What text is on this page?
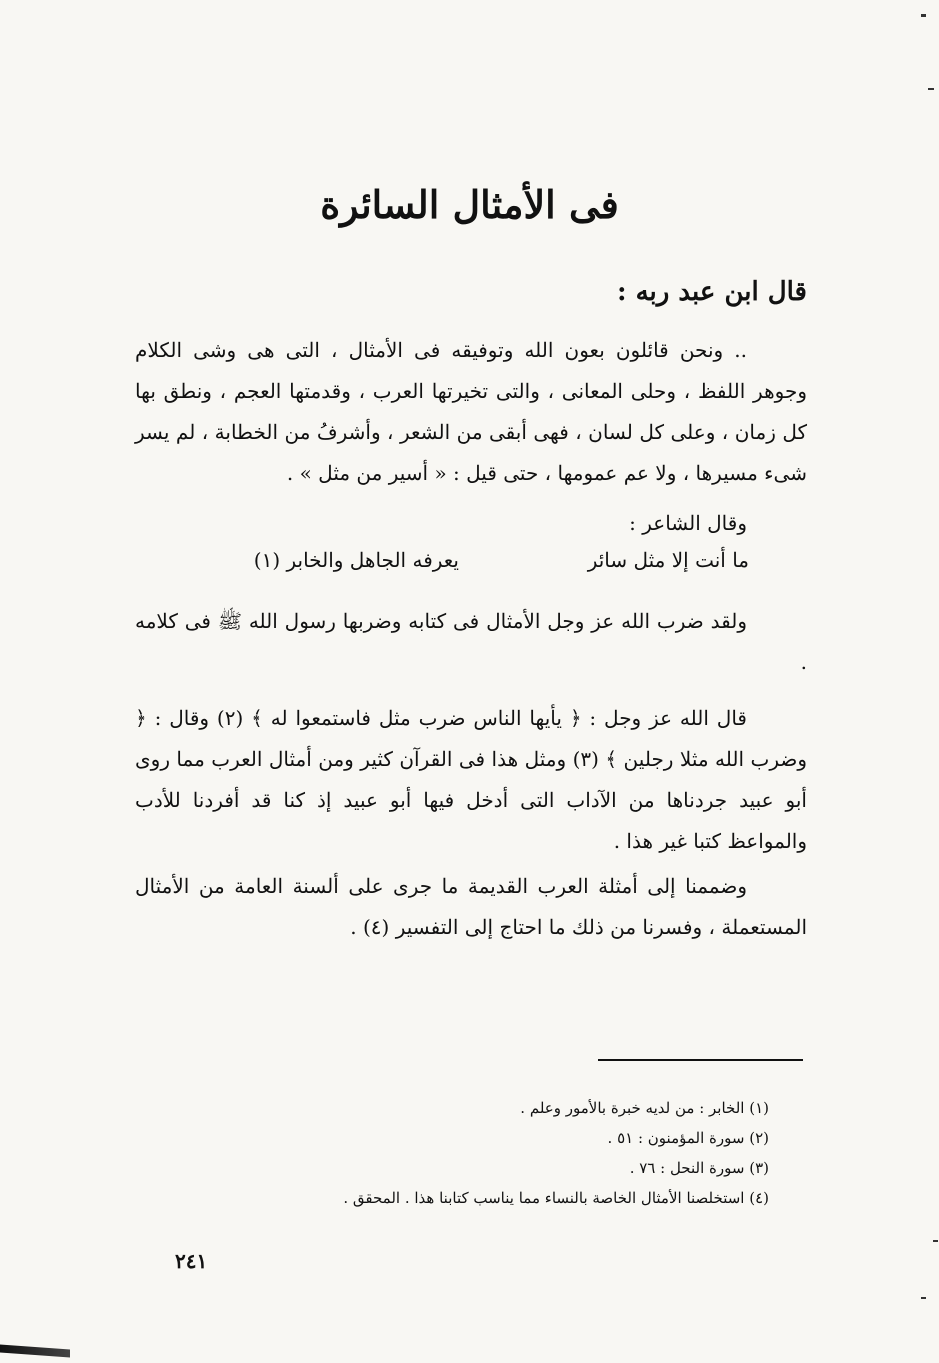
فى الأمثال السائرة
قال ابن عبد ربه :
.. ونحن قائلون بعون الله وتوفيقه فى الأمثال ، التى هى وشى الكلام وجوهر اللفظ ، وحلى المعانى ، والتى تخيرتها العرب ، وقدمتها العجم ، ونطق بها كل زمان ، وعلى كل لسان ، فهى أبقى من الشعر ، وأشرفُ من الخطابة ، لم يسر شىء مسيرها ، ولا عم عمومها ، حتى قيل : « أسير من مثل » .
وقال الشاعر :
ما أنت إلا مثل سائر
يعرفه الجاهل والخابر (١)
ولقد ضرب الله عز وجل الأمثال فى كتابه وضربها رسول الله ﷺ فى كلامه .
قال الله عز وجل : ﴿ يأيها الناس ضرب مثل فاستمعوا له ﴾ (٢) وقال : ﴿ وضرب الله مثلا رجلين ﴾ (٣) ومثل هذا فى القرآن كثير ومن أمثال العرب مما روى أبو عبيد جردناها من الآداب التى أدخل فيها أبو عبيد إذ كنا قد أفردنا للأدب والمواعظ كتبا غير هذا .
وضممنا إلى أمثلة العرب القديمة ما جرى على ألسنة العامة من الأمثال المستعملة ، وفسرنا من ذلك ما احتاج إلى التفسير (٤) .
(١) الخابر : من لديه خبرة بالأمور وعلم .
(٢) سورة المؤمنون : ٥١ .
(٣) سورة النحل : ٧٦ .
(٤) استخلصنا الأمثال الخاصة بالنساء مما يناسب كتابنا هذا . المحقق .
٢٤١
